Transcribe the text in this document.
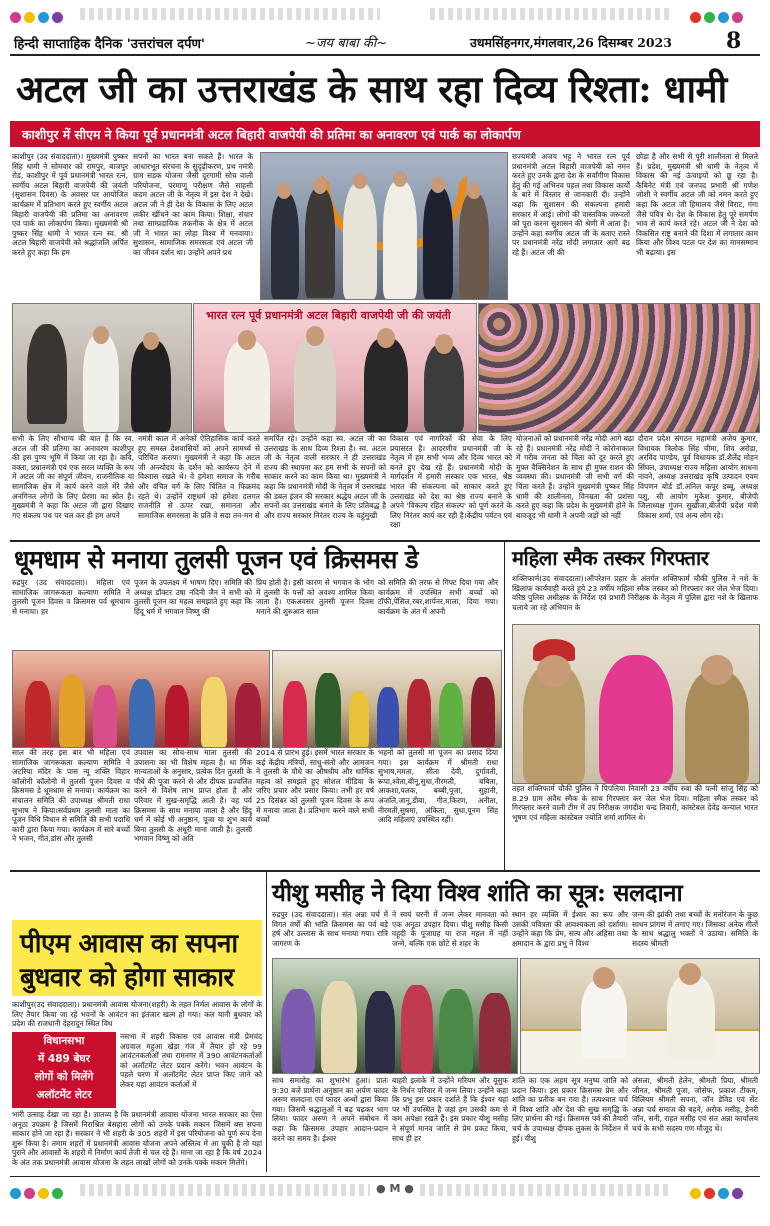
हिन्दी साप्ताहिक दैनिक 'उत्तरांचल दर्पण'	~जय बाबा की~	उधमसिंहनगर,मंगलवार,26 दिसम्बर 2023 8
अटल जी का उत्तराखंड के साथ रहा दिव्य रिश्ता: धामी
काशीपुर में सीएम ने किया पूर्व प्रधानमंत्री अटल बिहारी वाजपेयी की प्रतिमा का अनावरण एवं पार्क का लोकार्पण
काशीपुर (उद संवाददाता)। मुख्यमंत्री पुष्कर सिंह धामी ने सोमवार को रामपुर, बाजपुर रोड, काशीपुर में पूर्व प्रधानमंत्री भारत रत्न, स्वर्गीय अटल बिहारी वाजपेयी की जयंती (सुशासन दिवस) के अवसर पर आयोजित कार्यक्रम में प्रतिभाग करते हुए स्वर्गीय अटल बिहारी वाजपेयी की प्रतिमा का अनावरण एवं पार्क का लोकार्पण किया। मुख्यमंत्री श्री पुष्कर सिंह धामी ने भारत रत्न स्व. श्री अटल बिहारी वाजपेयी को श्रद्धांजलि अर्पित करते हुए कहा कि हम
सपनों का भारत बना सकते हैं। भारत के आधारभूत संरचना के सुदृढ़ीकरण, प्रथ नमंत्री ग्राम सड़क योजना जैसी दूरगामी सोच वाली परियोजना, परमाणु परीक्षण जैसे साहसी कदम अटल जी के नेतृत्व में इस देश ने देखे। अटल जी ने ही देश के विकास के लिए अटल लकीर खींचने का काम किया। शिक्षा, संचार तथा साम्प्रदायिक तकनीक के क्षेत्र में अटल जी ने भारत का लोहा विश्व में मनवाया। सुशासन, सामाजिक समरसता एवं अटल जी का जीवन दर्शन था। उन्होंने अपने प्रथ
राज्यमंत्री अजय भट्ट ने भारत रत्न पूर्व प्रधानमंत्री अटल बिहारी वाजपेयी को नमन करते हुए उनके द्वारा देश के सर्वांगीण विकास हेतु की गई अभिनव पहल तथा विकास कार्यों के बारे में विस्तार से जानकारी दी। उन्होंने कहा कि सुशासन की संकल्पना हमारी सरकार में आई। लोगों की वास्तविक जरूरतों को पूरा करना सुशासन की श्रेणी में आता है। उन्होंने कहा स्वर्गीय अटल जी के बताए रास्ते पर प्रधानमंत्री नरेंद्र मोदी लगातार आगे बढ़ रहे हैं। अटल जी की
छोड़ा है और सभी से पूरी शालीनता से मिलते हैं। प्रदेश, मुख्यमंत्री श्री धामी के नेतृत्व में विकास की नई ऊंचाइयों को छू रहा है। कैबिनेट मंत्री एवं जनपद प्रभारी श्री गणेश जोशी ने स्वर्गीय अटल जी को नमन करते हुए कहा कि अटल जी हिमालय जैसे विराट, गंगा जैसे पवित्र थे। देश के विकास हेतु पूरे समर्पण भाव से कार्य करते रहे। अटल जी ने देश को विकसित राष्ट्र बनाने की दिशा में लगातार काम किया और विश्व पटल पर देश का मानसम्मान भी बढ़ाया। इस
भारत रत्न पूर्व प्रधानमंत्री अटल बिहारी वाजपेयी जी की जयंती
सभी के लिए सौभाग्य की बात है कि स्व. अटल जी की प्रतिमा का अनावरण काशीपुर की इस पुण्य भूमि में किया जा रहा है। कवि, वक्ता, प्रधानमंत्री एवं एक सरल व्यक्ति के रूप में अटल जी का संपूर्ण जीवन, राजनीतिक या सामाजिक क्षेत्र में कार्य करने वाले मेरे जैसे अनगिनत लोगों के लिए प्रेरणा का स्रोत है। मुख्यमंत्री ने कहा कि अटल जी द्वारा दिखाए गए संकल्प पथ पर चल कर ही हम अपने
नमंत्री काल में अनेकों ऐतिहासिक कार्य करते हुए समस्त देशवासियों को अपने सामर्थ्य से परिचित कराया। मुख्यमंत्री ने कहा कि अटल जी अन्त्योदय के दर्शन को कार्यरूप देने में विश्वास रखते थे। वे हमेशा समाज के गरीब और वंचित वर्ग के लिए चिंतित व फिक्रमंद रहते थे। उन्होंने राष्ट्रधर्म को हमेशा दलगत राजनीति से ऊपर रखा, समानता और सामाजिक समरसता के प्रति वे सदा तन-मन से
समर्पित रहे। उन्होंने कहा स्व. अटल जी का उत्तराखंड के साथ दिव्य रिश्ता है। स्व. अटल जी के नेतृत्व वाली सरकार ने ही उत्तराखंड राज्य की स्थापना कर हम सभी के सपनों को साकार करने का काम किया था। मुख्यमंत्री ने कहा कि प्रधानमंत्री मोदी के नेतृत्व में उत्तराखंड की डबल इंजन की सरकार श्रद्धेय अटल जी के सपनों का उत्तराखंड बनाने के लिए प्रतिबद्ध है और राज्य सरकार निरंतर राज्य के चहुंमुखी
विकास एवं नागरिकों की सेवा के लिए प्रयासरत है। आदरणीय प्रधानमंत्री जी के नेतृत्व में हम सभी भव्य और दिव्य भारत को बनते हुए देख रहे हैं। प्रधानमंत्री मोदी के मार्गदर्शन में हमारी सरकार एक भारत, श्रेष्ठ भारत की संकल्पना को साकार करते हुए उत्तराखंड को देश का श्रेष्ठ राज्य बनाने के अपने 'विकल्प रहित संकल्प' को पूर्ण करने के लिए निरंतर कार्य कर रही है।केंद्रीय पर्यटन एवं रक्षा
योजनाओं को प्रधानमंत्री नरेंद्र मोदी आगे बढ़ा रहे हैं। प्रधानमंत्री नरेंद्र मोदी ने कोरोनाकाल में गरीब जनता को चिंता को दूर करते हुए मुफ्त वैक्सिनेशन के साथ ही मुफ्त राशन की व्यवस्था की। प्रधानमंत्री जी सभी वर्ग की चिंता करते हैं। उन्होंने मुख्यमंत्री पुष्कर सिंह धामी की शालीनता, विनम्रता की प्रशंसा करते हुए कहा कि प्रदेश के मुख्यमंत्री होने के बावजूद भी धामी ने अपनी जड़ों को नहीं
दौरान प्रदेश संगठन महामंत्री अजेय कुमार, विधायक त्रिलोक सिंह चीमा, शिव अरोड़ा, अरविंद पाण्डेय, पूर्व विधायक डॉ.शैलेंद्र मोहन सिंघल, उपाध्यक्ष राज्य महिला आयोग साधना नावने, अध्यक्ष उत्तराखंड कृषि उत्पादन एवम विपणन बोर्ड डॉ.अनिल कपूर डब्बू, अध्यक्ष पशु, सी आयोग मुकेश कुमार, बीजेपी जिलाध्यक्ष गुंजन सुखीजा,बीजेपी प्रदेश मंत्री विकास शर्मा, एवं अन्य लोग रहे।
धूमधाम से मनाया तुलसी पूजन एवं क्रिसमस डे
रुद्रपुर (उद संवाददाता)। महिला एवं सामाजिक जागरूकता कल्याण समिति ने तुलसी पूजन दिवस व क्रिसमस पर्व धूमधाम से मनाया। हर
पूजन के उपलक्ष्य में भाषण दिए। समिति की अध्यक्ष डॉक्टर उषा नंदिनी जैन ने सभी को तुलसी पूजन का महत्व समझाते हुए कहा कि हिंदू धर्म में भगवान विष्णु की
प्रिय होती है। इसी कारण से भगवान के भोग में तुलसी के पत्तों को अवश्य शामिल किया जाता है। एकअवसर तुलसी पूजन दिवस मनाने की शुरुआत साल
को समिति की तरफ से गिफ्ट दिया गया और कार्यक्रम में उपस्थित सभी बच्चों को टॉफी,पेंसिल,रबर,शार्पनर,माला, दिया गया। कार्यक्रम के अंत में अपनी
साल की तरह इस बार भी महिला एवं सामाजिक जागरूकता कल्याण समिति ने अटरिया मंदिर के पास न्यू शक्ति विहार कॉलोनी कॉलोनी में तुलसी पूजन दिवस व क्रिसमस डे धूमधाम से मनाया। कार्यक्रम का संचालन समिति की उपाध्यक्ष श्रीमती राधा सुभाष ने किया।सर्वप्रथम तुलसी माता का पूजन विधि विधान से समिति की सभी पदाधि कारी द्वारा किया गया। कार्यक्रम में सारे बच्चों ने भजन, गीत,डांस और तुलसी
उपवास का सोच-साथ माता तुलसी की उपासना का भी विशेष महत्व है। धा र्मिक मान्यताओं के अनुसार, प्रत्येक दिन तुलसी के पौधे की पूजा करने से और दीपक प्रज्वलित करने से विशेष लाभ प्राप्त होता है और परिवार में सुख-समृद्धि आती है। वह पर्व क्रिसमस के साथ मनाया जाता है और हिंदू धर्म में कोई भी अनुष्ठान, पूजा या शुभ कार्य बिना तुलसी के अधूरी माना जाती है। तुलसी भगवान विष्णु को अति
2014 से प्रारंभ हुई। इसमें भारत सरकार के कई केंद्रीय मंत्रियों, साधु-संतों और आमजन ने तुलसी के पौधे का औषधीय और धार्मिक महत्व को समझते हुए सोशल मीडिया के जरिए प्रचार और प्रसार किया। तभी हर वर्ष 25 दिसंबर को तुलसी पूजन दिवस के रूप में मनाया जाता है। प्रतिभाग करने वाले सभी बच्चों
भहनों को तुलसी मां पूजन का प्रसाद दिया गया। इस कार्यक्रम में श्रीमती राधा सुभाष,ममता, सीता देवी, दुर्गावती, रूपा,श्वेता,बीनू,सुधा,नीरमती, बबिता, आकशा,पलक, बब्बी,पूजा, सुहानी, अंजलि,जानू,डीबा, गीत,किरण, अनीता, नीरमती,सुषमा, अंकिता, सुधा,पूनम सिंह आदि महिलाएं उपस्थित रहीं।
महिला स्मैक तस्कर गिरफ्तार
शक्तिफार्म(उद संवाददाता)।ऑपरेशन प्रहार के अंतर्गत शक्तिफार्म चौकी पुलिस ने नशे के खिलाफ कार्यवाही करते हुये 23 वर्षीय महिला स्मैक तस्कर को गिरफ्तार कर जेल भेज दिया। वरिष्ठ पुलिस अधीक्षक के निर्देश एवं प्रभारी निरीक्षक के नेतृत्व में पुलिस द्वारा नशे के खिलाफ चलाये जा रहे अभियान के
तहत शक्तिफार्म चौकी पुलिस ने पिपलिया निवासी 23 वर्षीय रुबा की पत्नी सांजू सिंह को 8.29 ग्राम अवैध स्मैक के साथ गिरफ्तार कर जेल भेज दिया। महिला स्मैक तस्कर को गिरफ्तार करने वाली टीम में उप निरीक्षक जगदीश चन्द्र तिवारी, कांस्टेबल देवेंद्र कन्याल भारत भूषण एवं महिला कांस्टेबल ज्योति शर्मा शामिल थे।
यीशु मसीह ने दिया विश्व शांति का सूत्र: सलदाना
रुद्रपुर (उद संवाददाता)। संत अन्ना चर्च में विगत वर्षों की भांति क्रिसमस का पर्व बड़े हर्ष और उल्लास के साथ मनाया गया। रात्रि जागरण के
ने स्वयं चरनी में जन्म लेकर मानवता को एक अनूठा उपहार दिया। यीशु मसीह किसी वहूदी के पूजाग्रह या राज महल में नहीं जन्मे, बल्कि एक छोटे से शहर के
स्थान हर व्यक्ति में ईश्वर का रूप और उसकी पवित्रता की आवश्यकता को दर्शाया। उन्होंने कहा कि प्रेम, सत्य और अहिंसा तथा क्षमादान के द्वारा प्रभु ने विश्व
जन्म की झांकी तथा बच्चों के मनोरंजन के कुछ साधन प्रांगण में लगाए गए। जिसका अनेक गीतों के साथ श्रद्धालु भक्तों ने उठाया। समिति के सदस्य श्रीमती
साथ समारोह का शुभारंभ हुआ। प्रातः 9:30 बजे प्रार्थना अनुष्ठान का अर्पण फादर अरुण सलदाना एवं फादर अन्थों द्वारा किया गया। जिसमें श्रद्धालुओं ने बढ़ चढ़कर भाग लिया। फादर अरुण ने अपने संबोधन में कहा कि क्रिसमस उपहार आदान-प्रदान करने का समय है। ईश्वर
बाहरी इलाके में उन्होंने मरियम और यूसुफ के निर्धन परिवार में जन्म लिया। उन्होंने कहा कि प्रभु इस प्रकार दर्शाते हैं कि ईश्वर यहां पर भी उपस्थित है जहां हम उसकी कम से कम अपेक्षा रखते हैं। इस प्रकार यीशु मसीह ने संपूर्ण मानव जाति से प्रेम प्रकट किया, साथ ही हर
शांति का एक अहम सूत्र मनुष्य जाति को प्रदान किया। इस प्रकार क्रिसमस प्रेम और शांति का प्रतीक बन गया है। तत्पश्चात चर्च में विश्व शांति और देश की सुख समृद्धि के लिए प्रार्थना की गई। क्रिसमस पर्व की तैयारी चर्च के उपाध्यक्ष दीपक लुकस के निर्देशन में हुई। यीशु
अंसला, श्रीमती हेलेन, श्रीमती प्रिया, श्रीमती जीनत, श्रीमती पूजा, जोसेफ, प्रकाश टीकम, विलियम श्रीमती सपना, जॉन डेविड एवं सेंट अन्ना चर्च समाज की बहनें, अरोक मसीह, हेनरी जॉन, सनी, राहत मसीह एवं संत अन्ना कार्यालय चर्च के सभी सदस्य गण मौजूद थे।
पीएम आवास का सपना
बुधवार को होगा साकार
काशीपुर(उद संवाददाता)। प्रधानमंत्री आवास योजना(शहरी) के तहत निर्मल आवास के लोगों के लिए तैयार किया जा रहे भवनों के आवंटन का इंतजार खत्म हो गया। कल यानी बुधवार को प्रदेश की राजधानी देहरादून स्थित विध
विधानसभा
में 489 बेघर
लोगों को मिलेंगे
अलॉटमेंट लेटर
नसभा में शहरी विकास एवं आवास मंत्री प्रेमचंद अग्रवाल महुआ खेड़ा गंज में तैयार हो रहे 99 आवंटनकर्ताओं तथा रामनगर में 390 आवंटनकर्ताओं को अलॉटमेंट लेटर प्रदान करेंगे। भवन आवंटन के पहले चरण में अलॉटमेंट लेटर प्राप्त किए जाने को लेकर यहां आवंटन कर्ताओं में
भारी उत्साह देखा जा रहा है। ज्ञातव्य है कि प्रधानमंत्री आवास योजना भारत सरकार का ऐसा अनूठा उपक्रम है जिसमें निराश्रित बेसहारा लोगों को उनके पक्के मकान जिसमें बस सपना साकार होने जा रहा है। सरकार ने भी शहरी के 305 शहरों में इस परियोजना को पूर्ण रूप देना शुरू किया है। तमाम शहरों में प्रधानमंत्री आवास योजना अपने अस्तित्व में आ चुकी है तो यहां पुराने और आवासों के शहरों में निर्माण कार्य तेजी से चल रहे हैं। माना जा रहा है कि वर्ष 2024 के अंत तक प्रधानमंत्री आवास योजना के तहत लाखों लोगों को उनके पक्के मकान मिलेंगे।
● M ●
